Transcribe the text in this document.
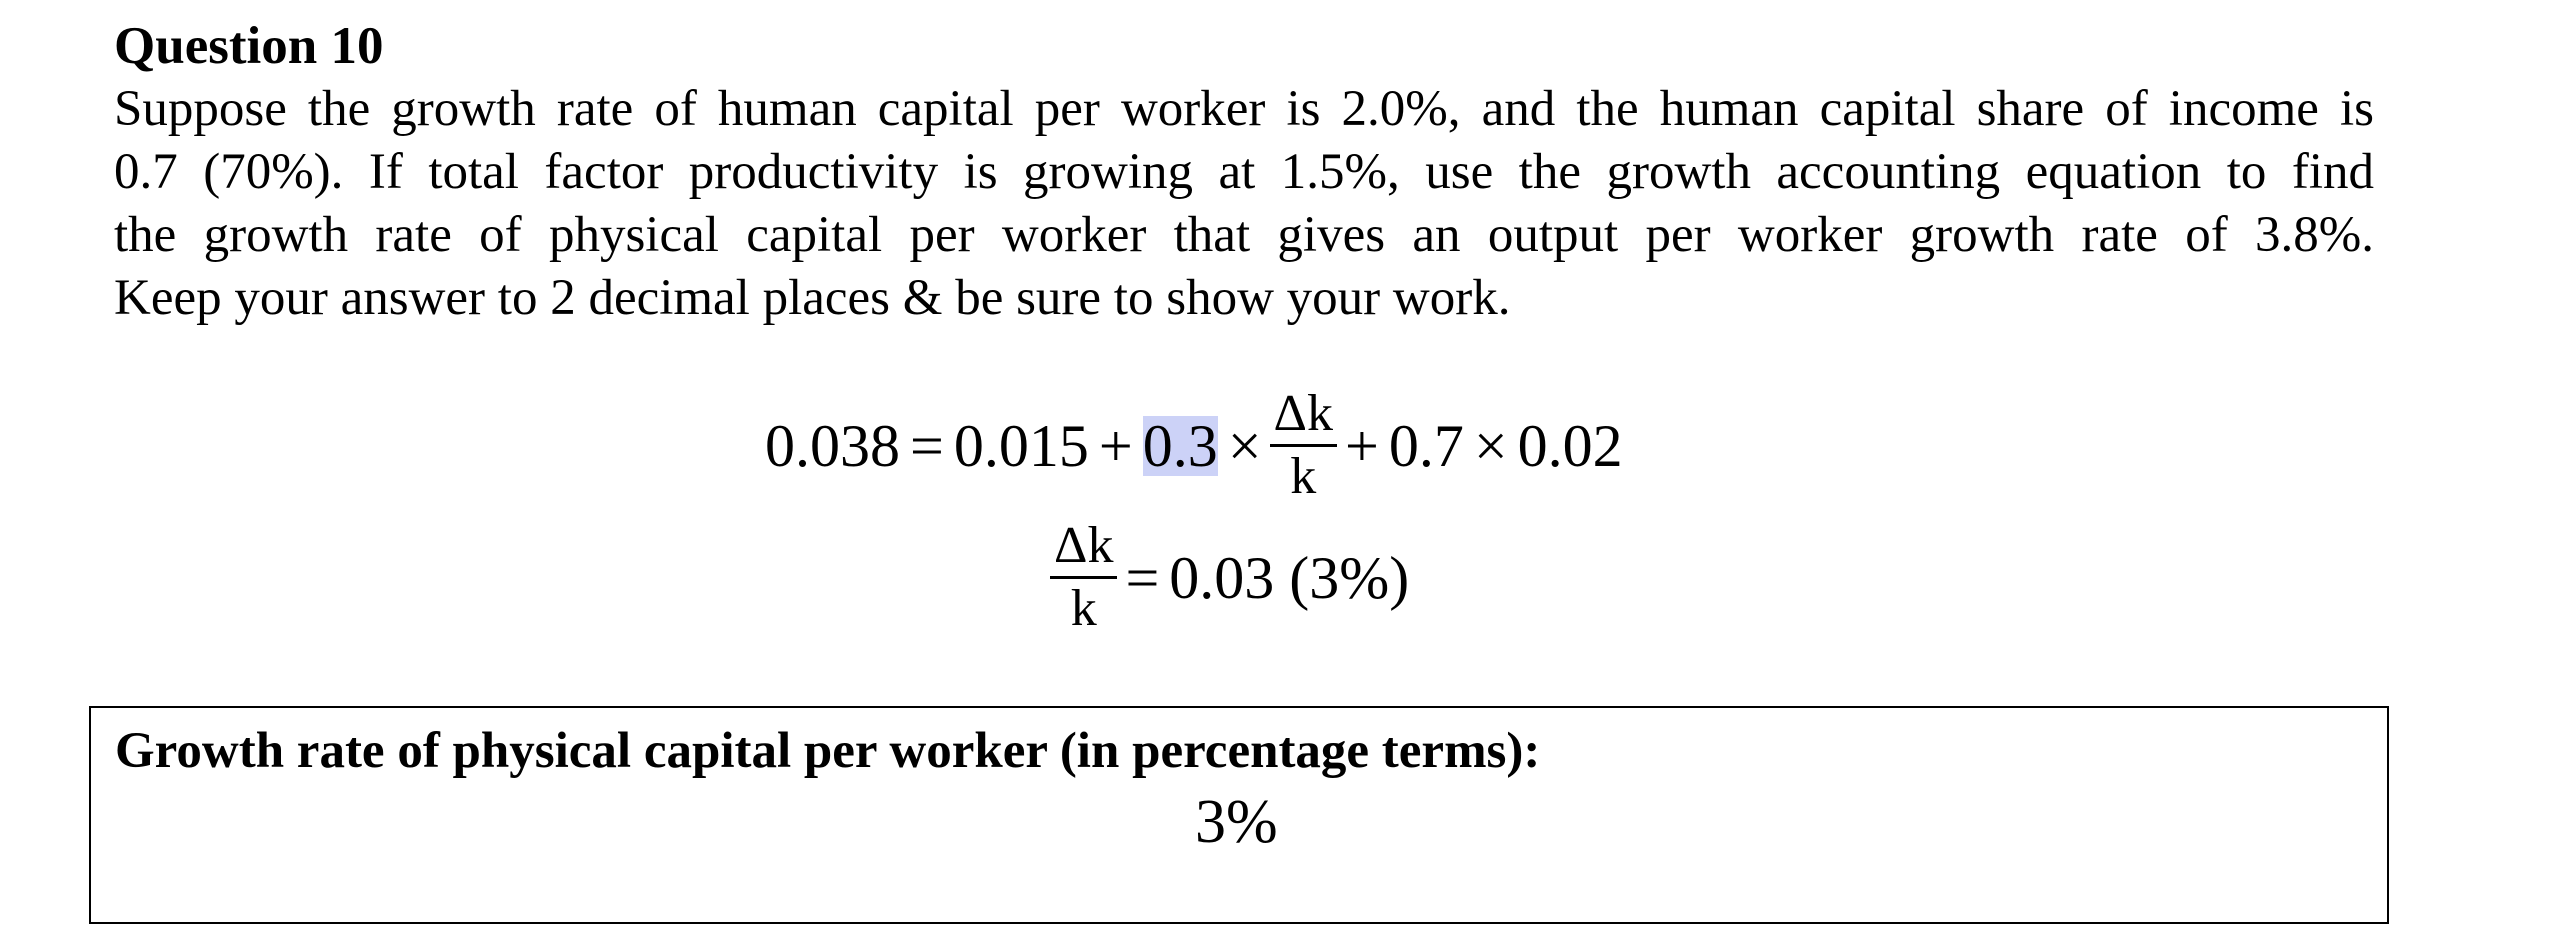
Question 10

Suppose the growth rate of human capital per worker is 2.0%, and the human capital share of income is
0.7 (70%). If total factor productivity is growing at 1.5%, use the growth accounting equation to find
the growth rate of physical capital per worker that gives an output per worker growth rate of 3.8%.
Keep your answer to 2 decimal places & be sure to show your work.
$0.038 = 0.015 + 0.3 \times \frac{\Delta k}{k} + 0.7 \times 0.02$
$\frac{\Delta k}{k} = 0.03$ (3%)
Growth rate of physical capital per worker (in percentage terms):
3%
